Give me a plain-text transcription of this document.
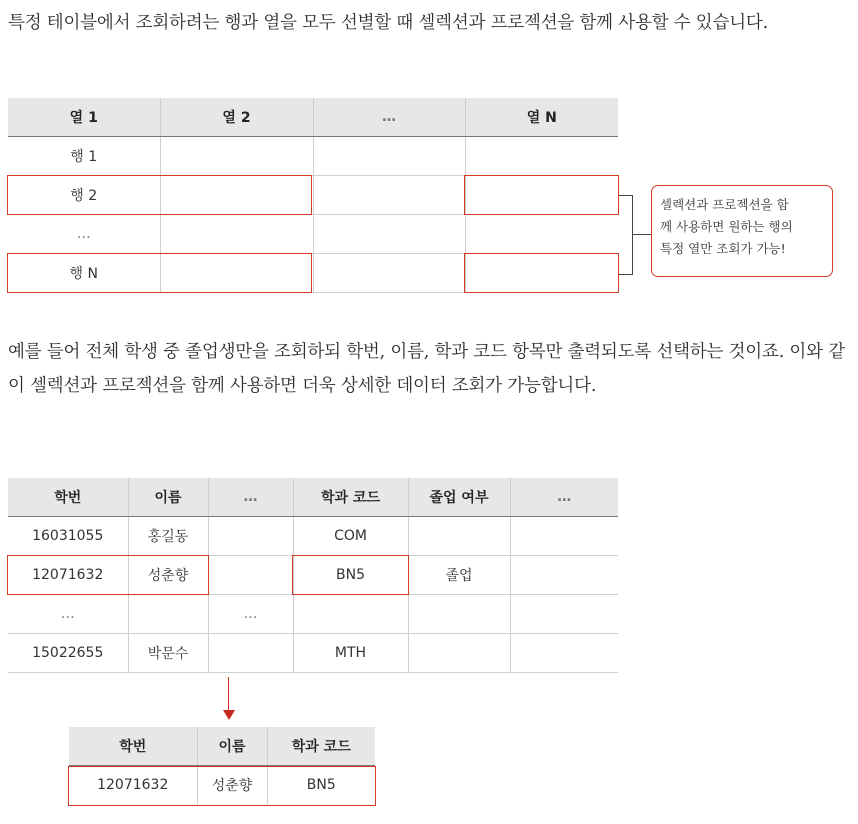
특정 테이블에서 조회하려는 행과 열을 모두 선별할 때 셀렉션과 프로젝션을 함께 사용할 수 있습니다.
열 1	열 2	…	열 N
행 1			
행 2			
…			
행 N			
셀렉션과 프로젝션을 함
께 사용하면 원하는 행의
특정 열만 조회가 가능!
예를 들어 전체 학생 중 졸업생만을 조회하되 학번, 이름, 학과 코드 항목만 출력되도록 선택하는 것이죠. 이와 같이 셀렉션과 프로젝션을 함께 사용하면 더욱 상세한 데이터 조회가 가능합니다.
학번	이름	…	학과 코드	졸업 여부	…
16031055	홍길동		COM		
12071632	성춘향		BN5	졸업	
…		…			
15022655	박문수		MTH		
학번	이름	학과 코드
12071632	성춘향	BN5
